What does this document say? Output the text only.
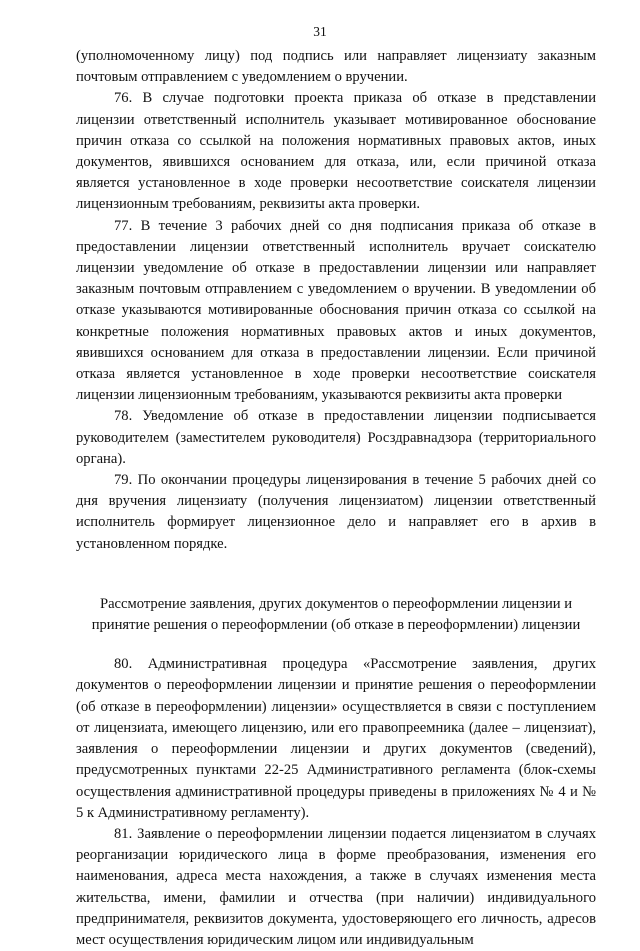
31

(уполномоченному лицу) под подпись или направляет лицензиату заказным почтовым отправлением с уведомлением о вручении.

76. В случае подготовки проекта приказа об отказе в представлении лицензии ответственный исполнитель указывает мотивированное обоснование причин отказа со ссылкой на положения нормативных правовых актов, иных документов, явившихся основанием для отказа, или, если причиной отказа является установленное в ходе проверки несоответствие соискателя лицензии лицензионным требованиям, реквизиты акта проверки.

77. В течение 3 рабочих дней со дня подписания приказа об отказе в предоставлении лицензии ответственный исполнитель вручает соискателю лицензии уведомление об отказе в предоставлении лицензии или направляет заказным почтовым отправлением с уведомлением о вручении. В уведомлении об отказе указываются мотивированные обоснования причин отказа со ссылкой на конкретные положения нормативных правовых актов и иных документов, явившихся основанием для отказа в предоставлении лицензии. Если причиной отказа является установленное в ходе проверки несоответствие соискателя лицензии лицензионным требованиям, указываются реквизиты акта проверки

78. Уведомление об отказе в предоставлении лицензии подписывается руководителем (заместителем руководителя) Росздравнадзора (территориального органа).

79. По окончании процедуры лицензирования в течение 5 рабочих дней со дня вручения лицензиату (получения лицензиатом) лицензии ответственный исполнитель формирует лицензионное дело и направляет его в архив в установленном порядке.

Рассмотрение заявления, других документов о переоформлении лицензии и
принятие решения о переоформлении (об отказе в переоформлении) лицензии

80. Административная процедура «Рассмотрение заявления, других документов о переоформлении лицензии и принятие решения о переоформлении (об отказе в переоформлении) лицензии» осуществляется в связи с поступлением от лицензиата, имеющего лицензию, или его правопреемника (далее – лицензиат), заявления о переоформлении лицензии и других документов (сведений), предусмотренных пунктами 22-25 Административного регламента (блок-схемы осуществления административной процедуры приведены в приложениях № 4 и № 5 к Административному регламенту).

81. Заявление о переоформлении лицензии подается лицензиатом в случаях реорганизации юридического лица в форме преобразования, изменения его наименования, адреса места нахождения, а также в случаях изменения места жительства, имени, фамилии и отчества (при наличии) индивидуального предпринимателя, реквизитов документа, удостоверяющего его личность, адресов мест осуществления юридическим лицом или индивидуальным
